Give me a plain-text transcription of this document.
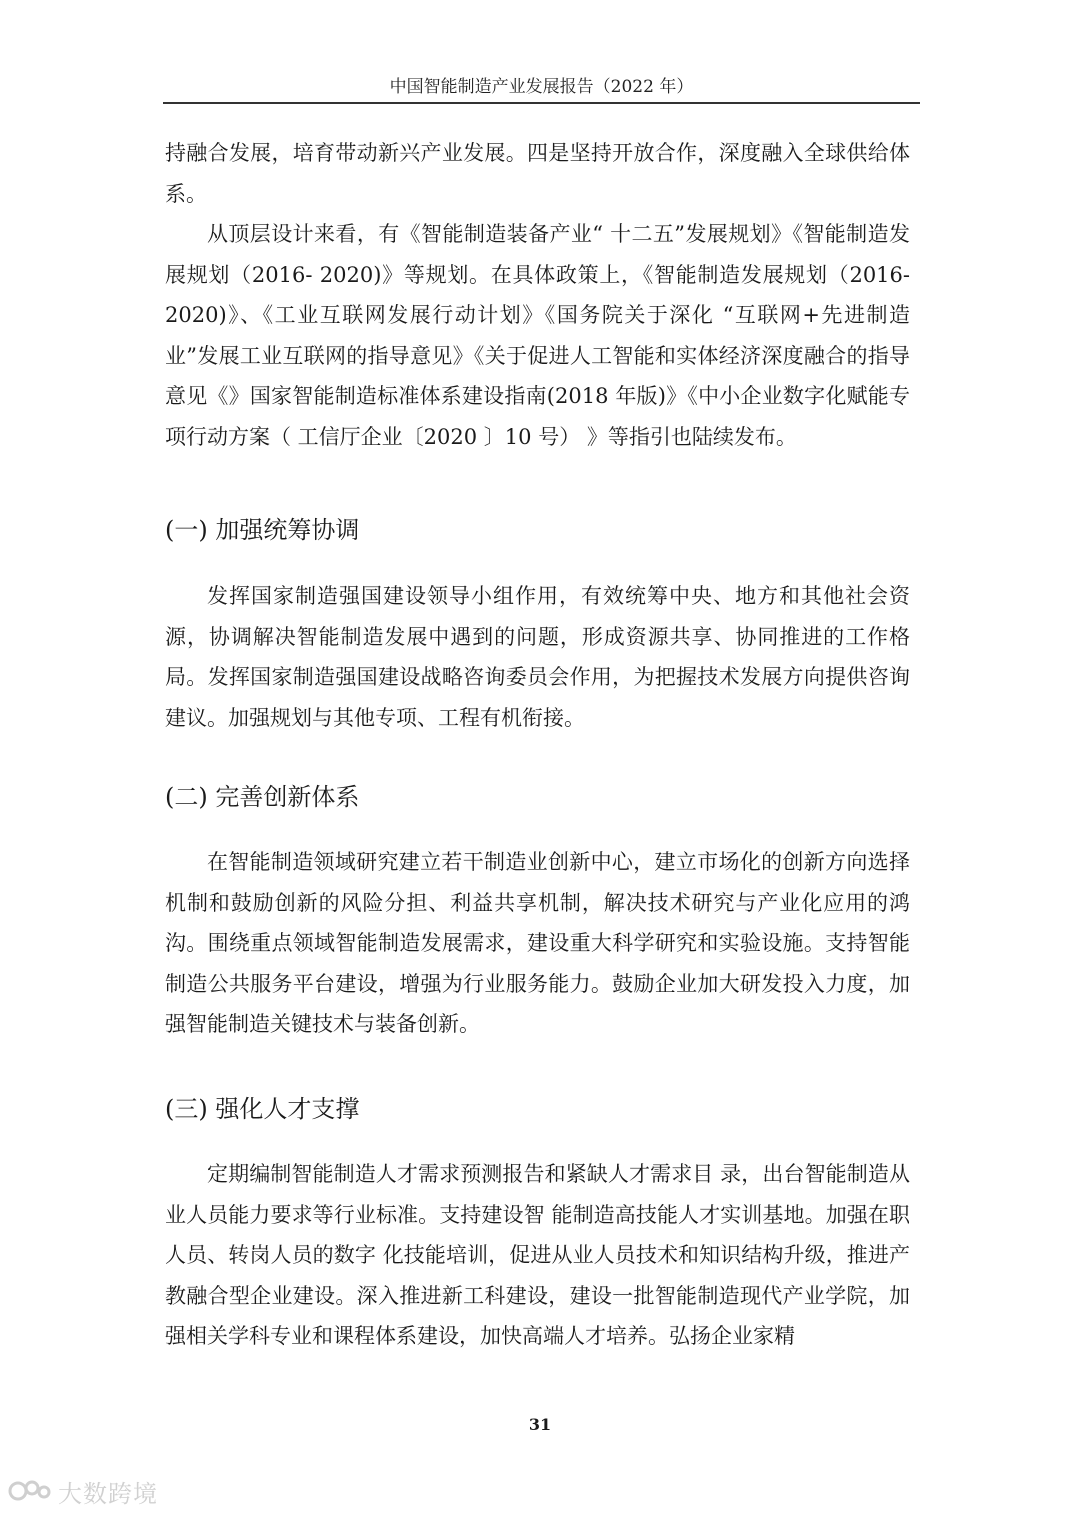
中国智能制造产业发展报告（2022 年）

持融合发展，培育带动新兴产业发展。四是坚持开放合作，深度融入全球供给体系。

从顶层设计来看，有《智能制造装备产业“ 十二五”发展规划》《智能制造发展规划（2016- 2020)》等规划。在具体政策上，《智能制造发展规划（2016-2020)》、《工业互联网发展行动计划》《国务院关于深化 “互联网+先进制造业”发展工业互联网的指导意见》《关于促进人工智能和实体经济深度融合的指导意见《》国家智能制造标准体系建设指南(2018 年版)》《中小企业数字化赋能专项行动方案（ 工信厅企业〔2020 〕10 号） 》等指引也陆续发布。

(一) 加强统筹协调

发挥国家制造强国建设领导小组作用，有效统筹中央、地方和其他社会资源，协调解决智能制造发展中遇到的问题，形成资源共享、协同推进的工作格局。发挥国家制造强国建设战略咨询委员会作用，为把握技术发展方向提供咨询建议。加强规划与其他专项、工程有机衔接。

(二) 完善创新体系

在智能制造领域研究建立若干制造业创新中心，建立市场化的创新方向选择机制和鼓励创新的风险分担、利益共享机制，解决技术研究与产业化应用的鸿沟。围绕重点领域智能制造发展需求，建设重大科学研究和实验设施。支持智能制造公共服务平台建设，增强为行业服务能力。鼓励企业加大研发投入力度，加强智能制造关键技术与装备创新。

(三) 强化人才支撑

定期编制智能制造人才需求预测报告和紧缺人才需求目 录，出台智能制造从业人员能力要求等行业标准。支持建设智 能制造高技能人才实训基地。加强在职人员、转岗人员的数字 化技能培训，促进从业人员技术和知识结构升级，推进产教融合型企业建设。深入推进新工科建设，建设一批智能制造现代产业学院，加强相关学科专业和课程体系建设，加快高端人才培养。弘扬企业家精

31
大数跨境
